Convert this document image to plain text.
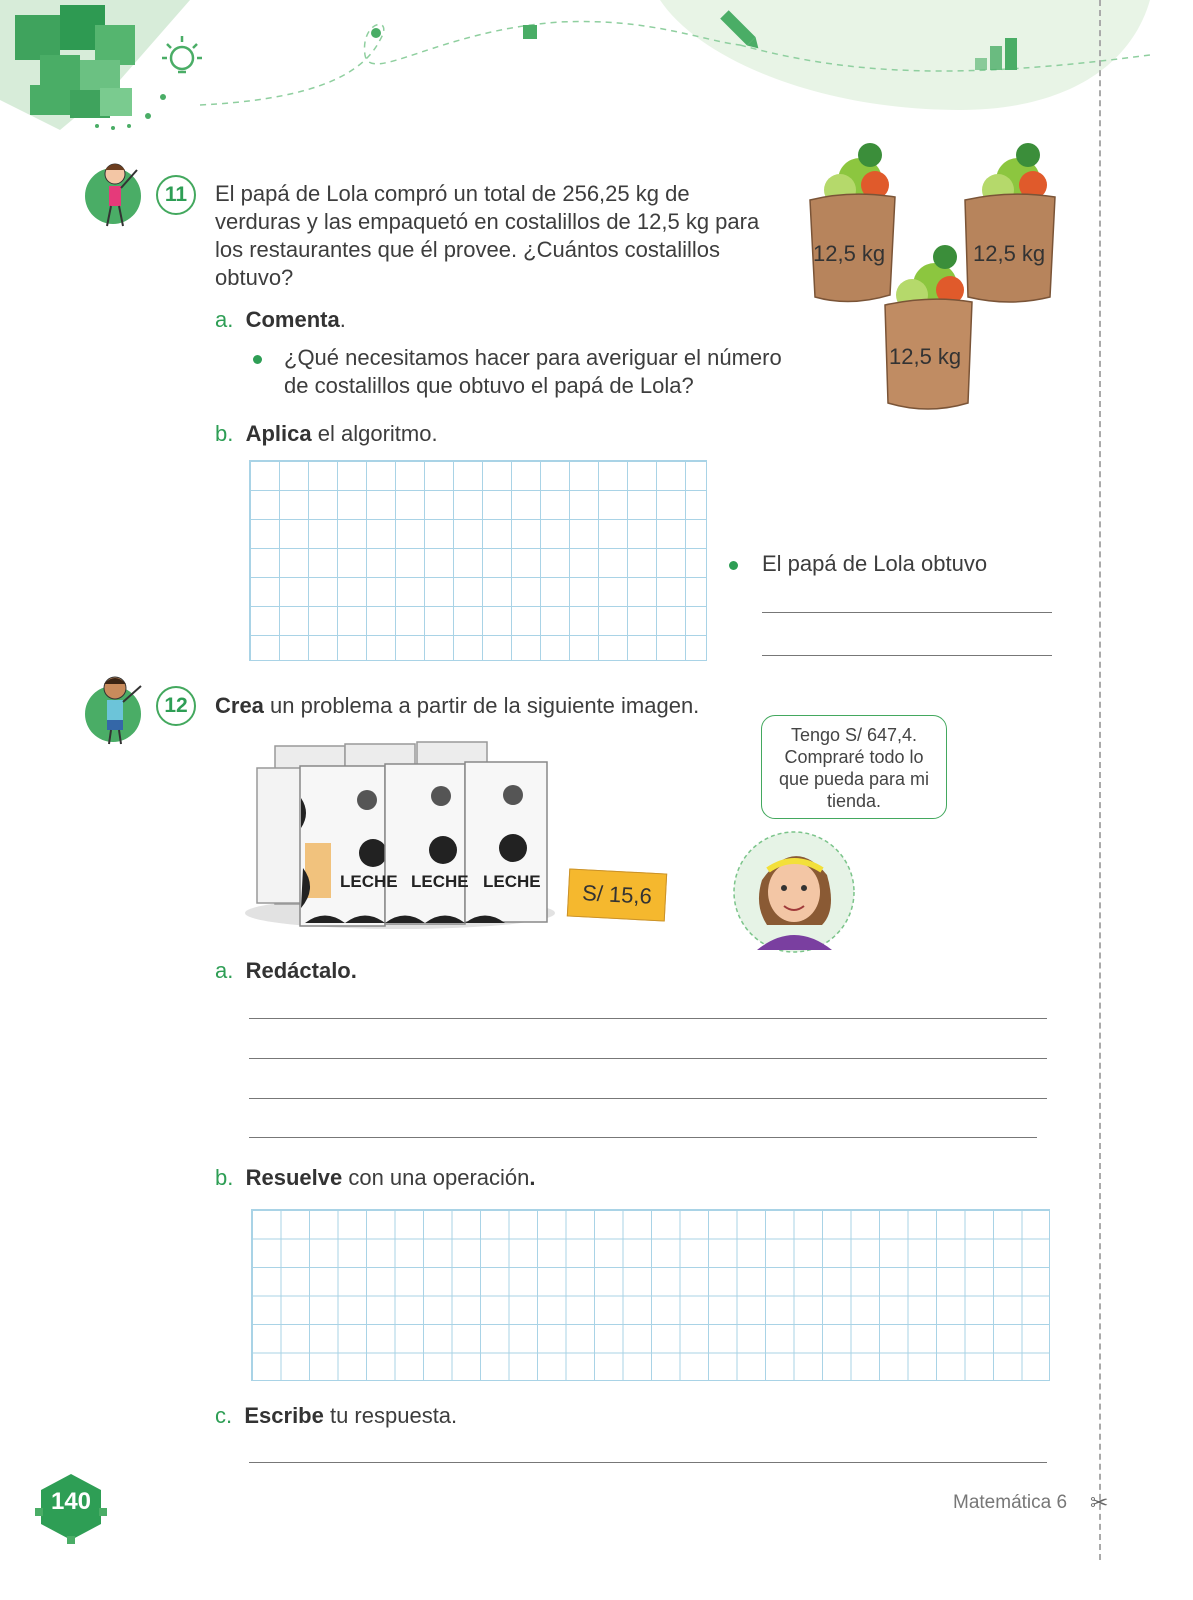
11	El papá de Lola compró un total de 256,25 kg de verduras y las empaquetó en costalillos de 12,5 kg para los restaurantes que él provee. ¿Cuántos costalillos obtuvo?
a. Comenta.
¿Qué necesitamos hacer para averiguar el número de costalillos que obtuvo el papá de Lola?
b. Aplica el algoritmo.
El papá de Lola obtuvo
12,5 kg	12,5 kg
12,5 kg
12	Crea un problema a partir de la siguiente imagen.
LECHE LECHE LECHE	S/ 15,6
Tengo S/ 647,4. Compraré todo lo que pueda para mi tienda.
a. Redáctalo.
b. Resuelve con una operación.
c. Escribe tu respuesta.
140	Matemática 6 ✂
